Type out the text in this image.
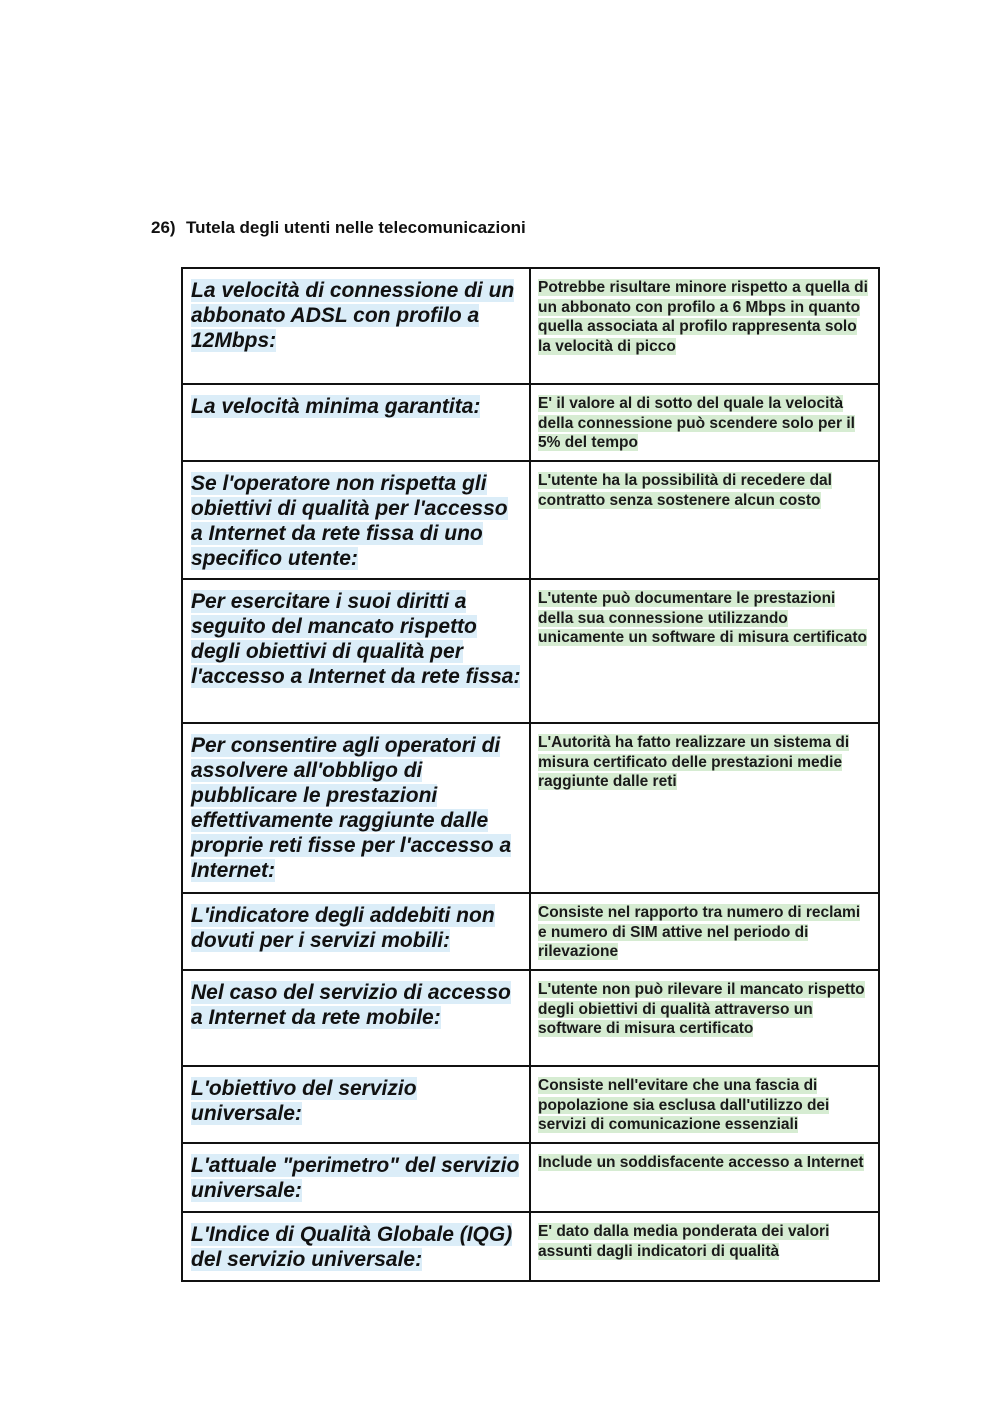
26) Tutela degli utenti nelle telecomunicazioni
La velocità di connessione di un abbonato ADSL con profilo a 12Mbps:	Potrebbe risultare minore rispetto a quella di un abbonato con profilo a 6 Mbps in quanto quella associata al profilo rappresenta solo la velocità di picco
La velocità minima garantita:	E' il valore al di sotto del quale la velocità della connessione può scendere solo per il 5% del tempo
Se l'operatore non rispetta gli obiettivi di qualità per l'accesso a Internet da rete fissa di uno specifico utente:	L'utente ha la possibilità di recedere dal contratto senza sostenere alcun costo
Per esercitare i suoi diritti a seguito del mancato rispetto degli obiettivi di qualità per l'accesso a Internet da rete fissa:	L'utente può documentare le prestazioni della sua connessione utilizzando unicamente un software di misura certificato
Per consentire agli operatori di assolvere all'obbligo di pubblicare le prestazioni effettivamente raggiunte dalle proprie reti fisse per l'accesso a Internet:	L'Autorità ha fatto realizzare un sistema di misura certificato delle prestazioni medie raggiunte dalle reti
L'indicatore degli addebiti non dovuti per i servizi mobili:	Consiste nel rapporto tra numero di reclami e numero di SIM attive nel periodo di rilevazione
Nel caso del servizio di accesso a Internet da rete mobile:	L'utente non può rilevare il mancato rispetto degli obiettivi di qualità attraverso un software di misura certificato
L'obiettivo del servizio universale:	Consiste nell'evitare che una fascia di popolazione sia esclusa dall'utilizzo dei servizi di comunicazione essenziali
L'attuale "perimetro" del servizio universale:	Include un soddisfacente accesso a Internet
L'Indice di Qualità Globale (IQG) del servizio universale:	E' dato dalla media ponderata dei valori assunti dagli indicatori di qualità
